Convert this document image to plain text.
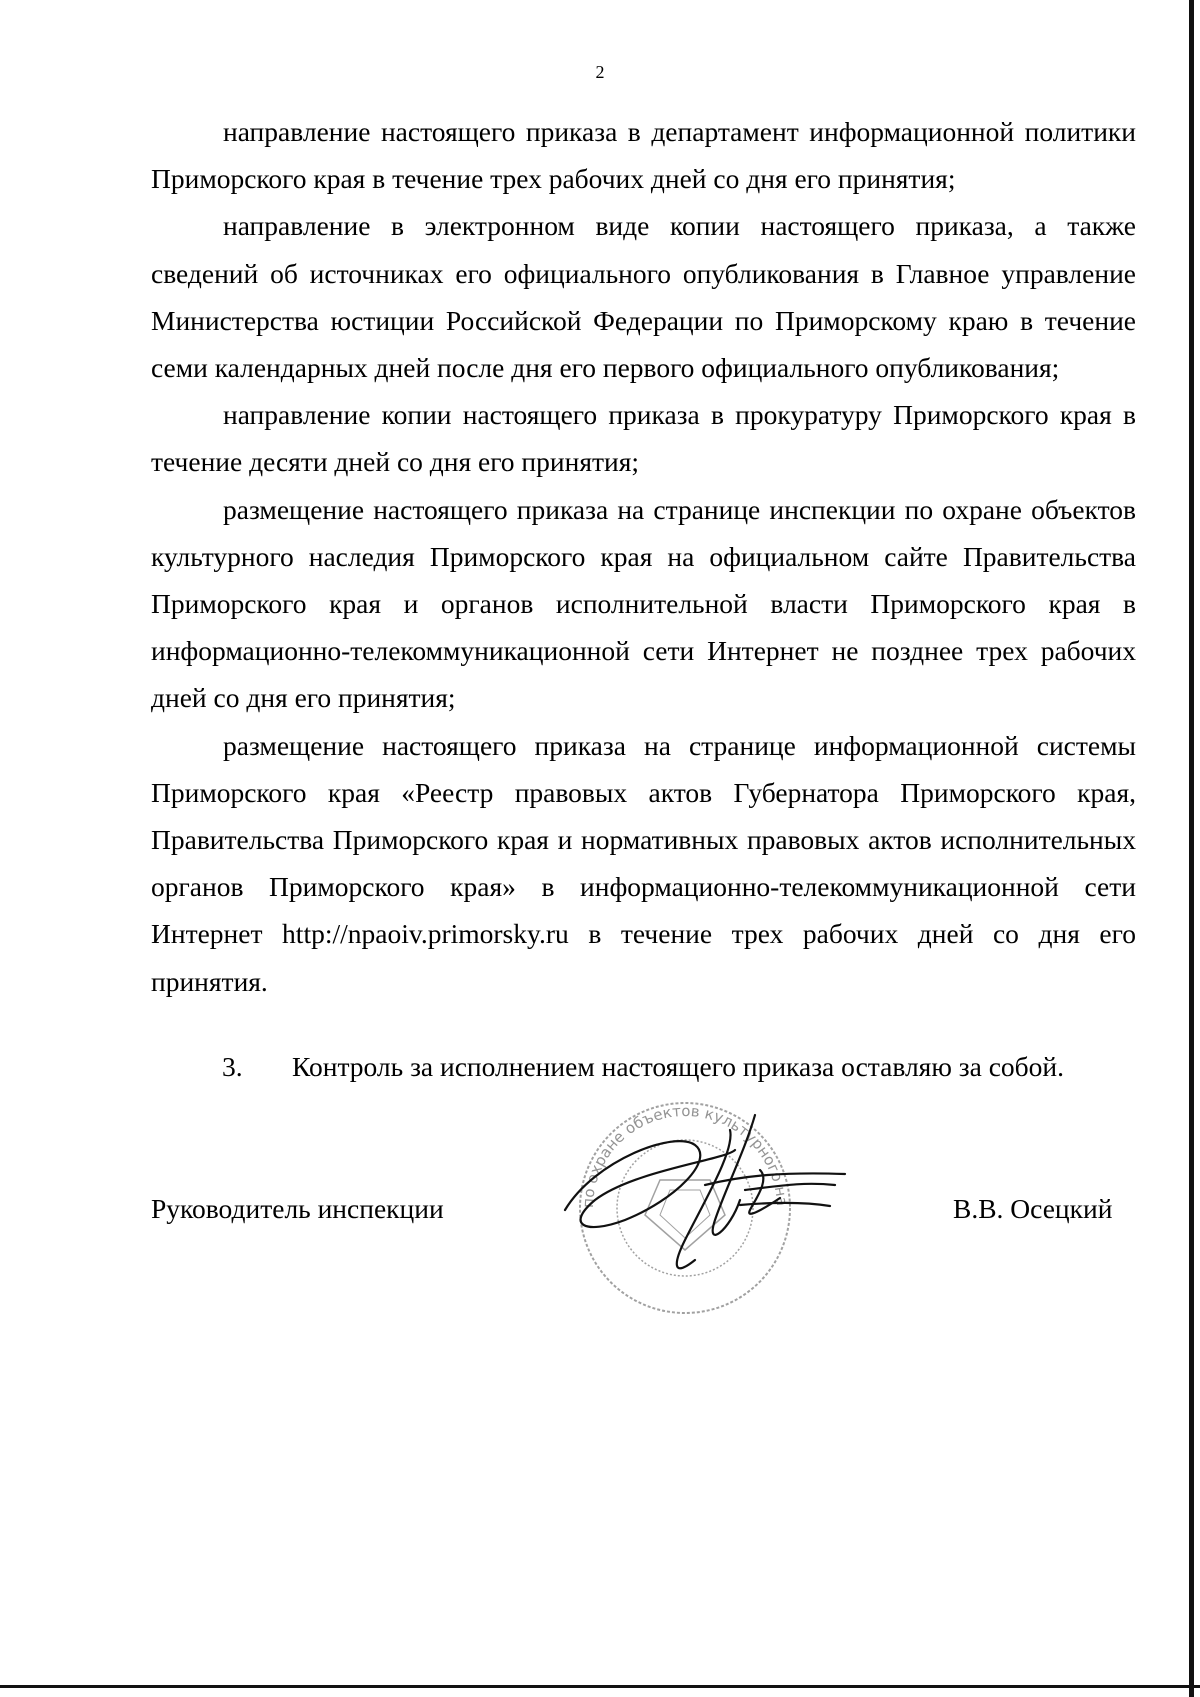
2

направление настоящего приказа в департамент информационной политики Приморского края в течение трех рабочих дней со дня его принятия;

направление в электронном виде копии настоящего приказа, а также сведений об источниках его официального опубликования в Главное управление Министерства юстиции Российской Федерации по Приморскому краю в течение семи календарных дней после дня его первого официального опубликования;

направление копии настоящего приказа в прокуратуру Приморского края в течение десяти дней со дня его принятия;

размещение настоящего приказа на странице инспекции по охране объектов культурного наследия Приморского края на официальном сайте Правительства Приморского края и органов исполнительной власти Приморского края в информационно-телекоммуникационной сети Интернет не позднее трех рабочих дней со дня его принятия;

размещение настоящего приказа на странице информационной системы Приморского края «Реестр правовых актов Губернатора Приморского края, Правительства Приморского края и нормативных правовых актов исполнительных органов Приморского края» в информационно-телекоммуникационной сети Интернет http://npaoiv.primorsky.ru в течение трех рабочих дней со дня его принятия.

3. Контроль за исполнением настоящего приказа оставляю за собой.
Руководитель инспекции	по охране объектов культурного на	В.В. Осецкий
